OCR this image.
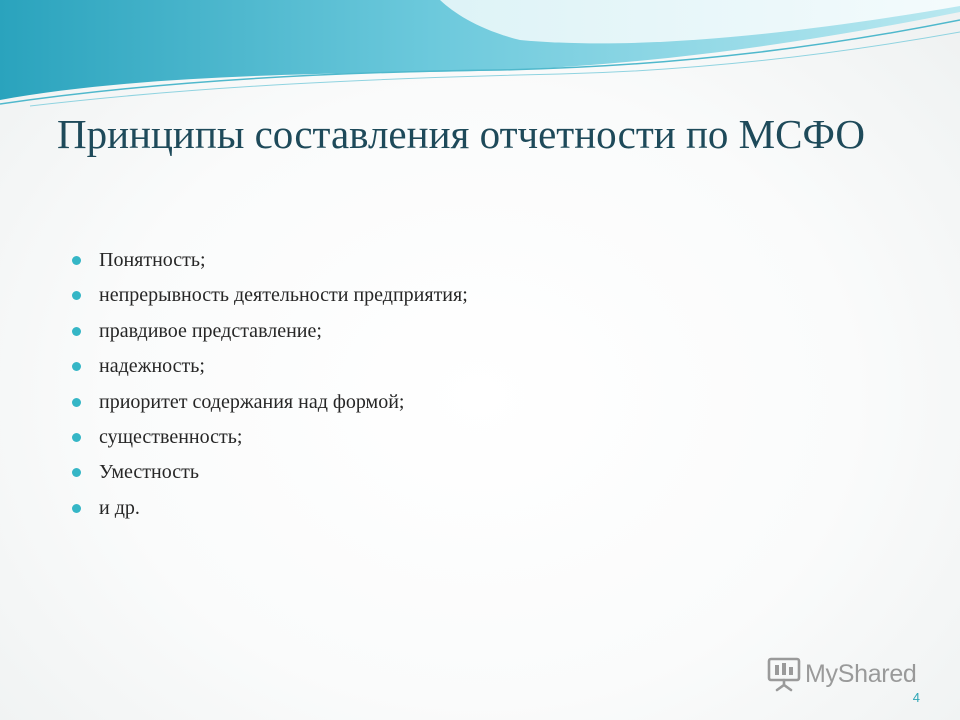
Принципы составления отчетности по МСФО
Понятность;
непрерывность деятельности предприятия;
правдивое представление;
надежность;
приоритет содержания над формой;
существенность;
Уместность
и др.
MyShared
4
